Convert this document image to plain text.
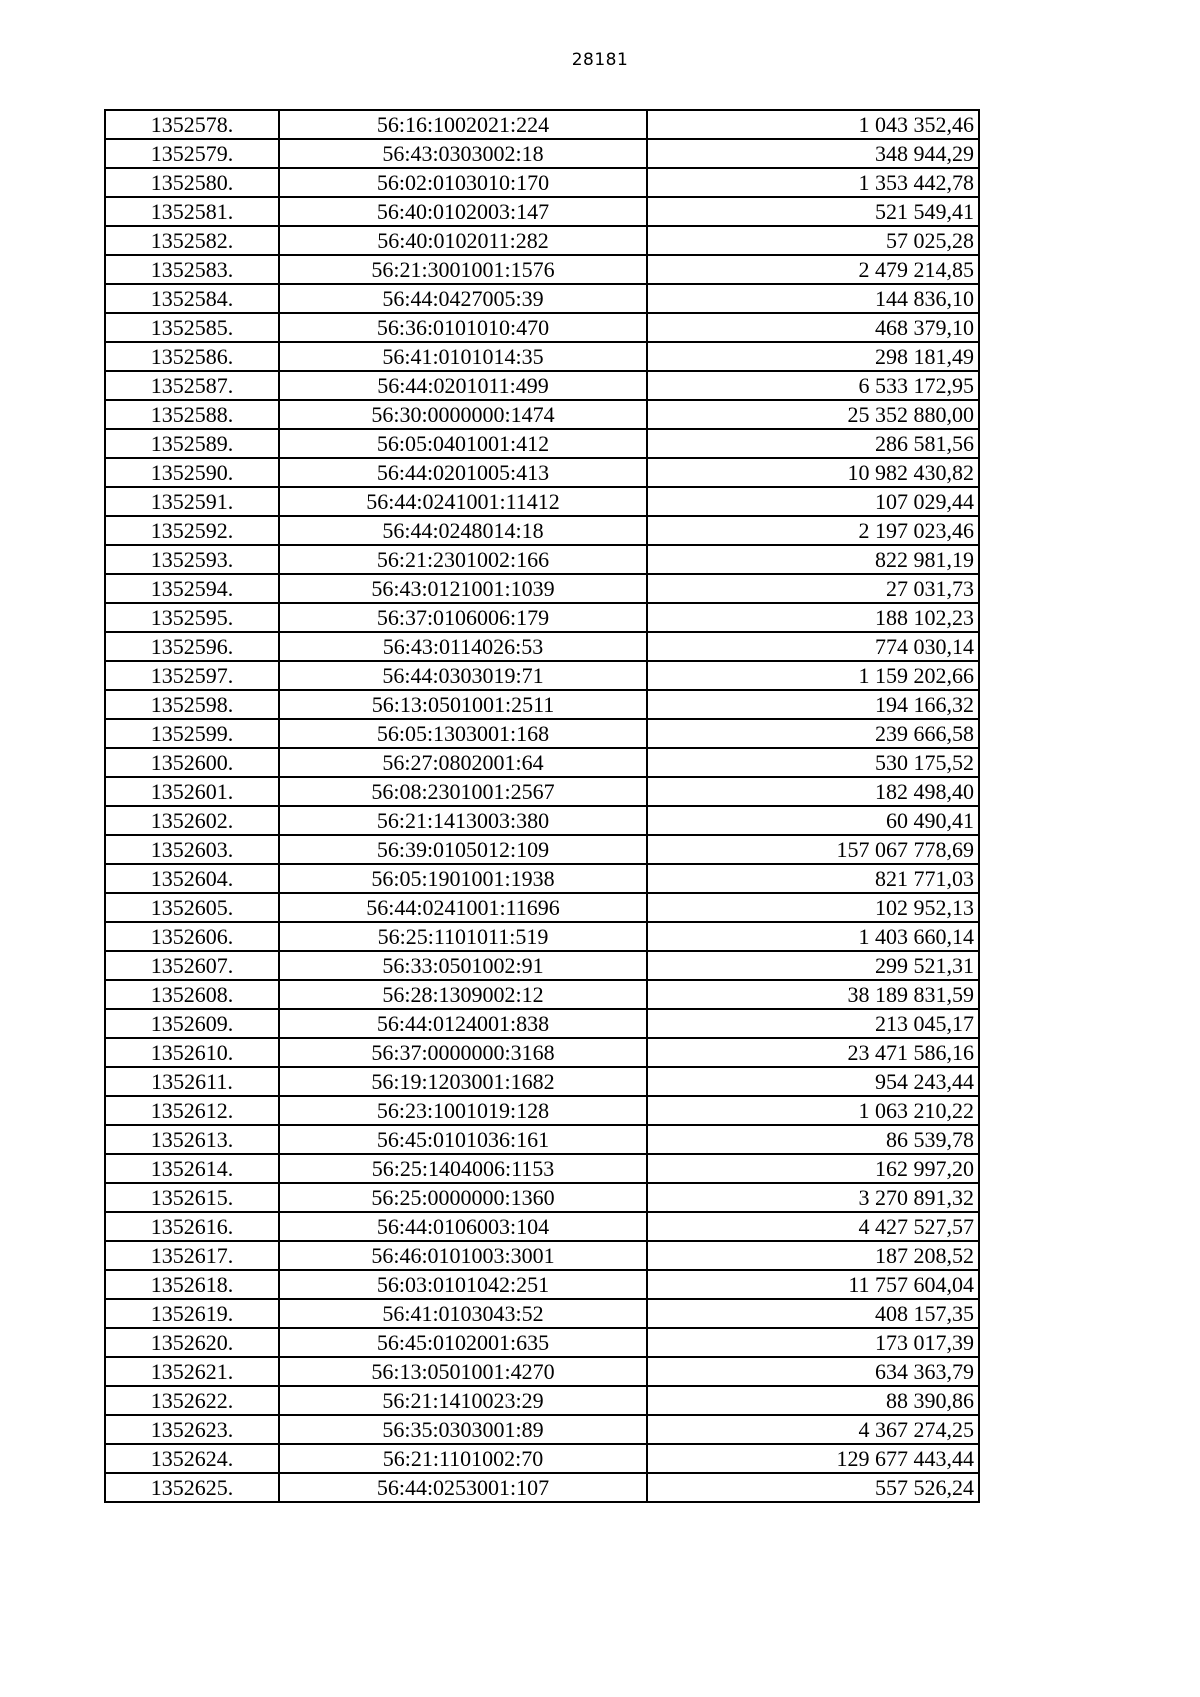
28181
1352578.	56:16:1002021:224	1 043 352,46
1352579.	56:43:0303002:18	348 944,29
1352580.	56:02:0103010:170	1 353 442,78
1352581.	56:40:0102003:147	521 549,41
1352582.	56:40:0102011:282	57 025,28
1352583.	56:21:3001001:1576	2 479 214,85
1352584.	56:44:0427005:39	144 836,10
1352585.	56:36:0101010:470	468 379,10
1352586.	56:41:0101014:35	298 181,49
1352587.	56:44:0201011:499	6 533 172,95
1352588.	56:30:0000000:1474	25 352 880,00
1352589.	56:05:0401001:412	286 581,56
1352590.	56:44:0201005:413	10 982 430,82
1352591.	56:44:0241001:11412	107 029,44
1352592.	56:44:0248014:18	2 197 023,46
1352593.	56:21:2301002:166	822 981,19
1352594.	56:43:0121001:1039	27 031,73
1352595.	56:37:0106006:179	188 102,23
1352596.	56:43:0114026:53	774 030,14
1352597.	56:44:0303019:71	1 159 202,66
1352598.	56:13:0501001:2511	194 166,32
1352599.	56:05:1303001:168	239 666,58
1352600.	56:27:0802001:64	530 175,52
1352601.	56:08:2301001:2567	182 498,40
1352602.	56:21:1413003:380	60 490,41
1352603.	56:39:0105012:109	157 067 778,69
1352604.	56:05:1901001:1938	821 771,03
1352605.	56:44:0241001:11696	102 952,13
1352606.	56:25:1101011:519	1 403 660,14
1352607.	56:33:0501002:91	299 521,31
1352608.	56:28:1309002:12	38 189 831,59
1352609.	56:44:0124001:838	213 045,17
1352610.	56:37:0000000:3168	23 471 586,16
1352611.	56:19:1203001:1682	954 243,44
1352612.	56:23:1001019:128	1 063 210,22
1352613.	56:45:0101036:161	86 539,78
1352614.	56:25:1404006:1153	162 997,20
1352615.	56:25:0000000:1360	3 270 891,32
1352616.	56:44:0106003:104	4 427 527,57
1352617.	56:46:0101003:3001	187 208,52
1352618.	56:03:0101042:251	11 757 604,04
1352619.	56:41:0103043:52	408 157,35
1352620.	56:45:0102001:635	173 017,39
1352621.	56:13:0501001:4270	634 363,79
1352622.	56:21:1410023:29	88 390,86
1352623.	56:35:0303001:89	4 367 274,25
1352624.	56:21:1101002:70	129 677 443,44
1352625.	56:44:0253001:107	557 526,24
